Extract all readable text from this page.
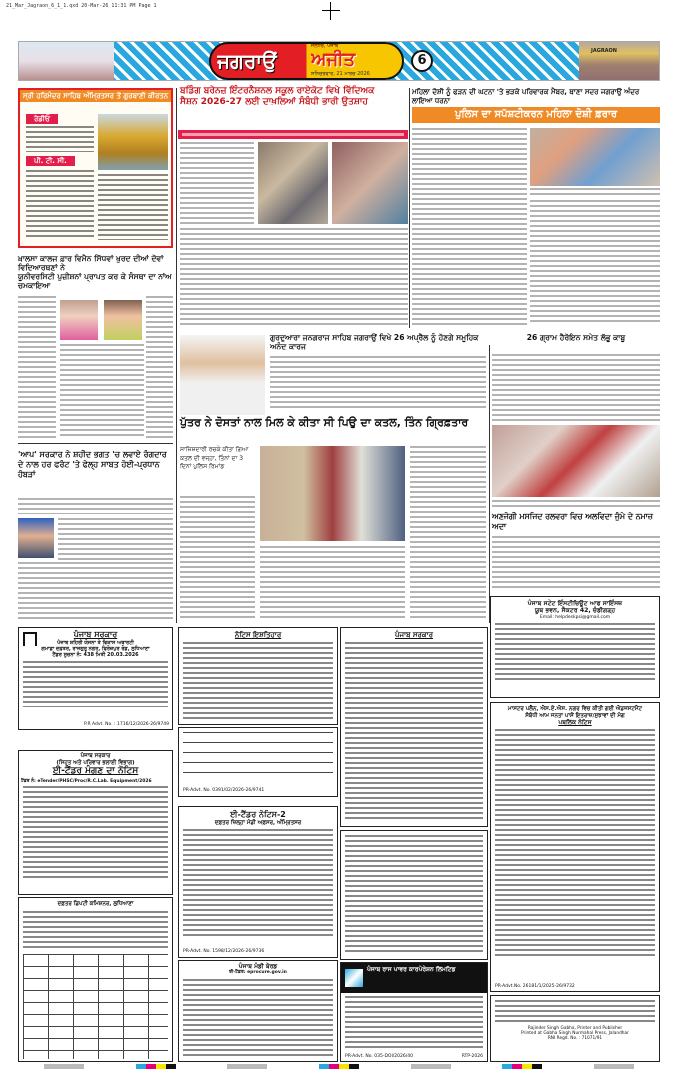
21_Mar_Jagraon_6_1_1.qxd 20-Mar-26 11:31 PM Page 1
JAGRAON
ਜਗਰਾਉਂ
ਜਲੰਧਰ, ਪੰਜਾਬ
ਅਜੀਤ
ਸ਼ਨਿਚਰਵਾਰ, 21 ਮਾਰਚ 2026
6
ਸ੍ਰੀ ਹਰਿਮੰਦਰ ਸਾਹਿਬ ਅੰਮ੍ਰਿਤਸਰ ਤੋਂ ਗੁਰਬਾਣੀ ਕੀਰਤਨ
ਰੇਡੀਓ
ਪੀ. ਟੀ. ਸੀ.
ਬਡਿੰਗ ਬਰੇਨਜ਼ ਇੰਟਰਨੈਸ਼ਨਲ ਸਕੂਲ ਰਾਏਕੋਟ ਵਿਖੇ ਵਿੱਦਿਅਕ
ਸੈਸ਼ਨ 2026-27 ਲਈ ਦਾਖ਼ਲਿਆਂ ਸੰਬੰਧੀ ਭਾਰੀ ਉਤਸ਼ਾਹ
ਮਹਿਲਾ ਦੋਸ਼ੀ ਨੂੰ ਫੜਨ ਦੀ ਘਟਨਾ 'ਤੇ ਭੜਕੇ ਪਰਿਵਾਰਕ ਮੈਂਬਰ, ਥਾਣਾ ਸਦਰ ਜਗਰਾਉਂ ਅੰਦਰ ਲਾਇਆ ਧਰਨਾ
ਪੁਲਿਸ ਦਾ ਸਪੱਸ਼ਟੀਕਰਨ ਮਹਿਲਾ ਦੋਸ਼ੀ ਫ਼ਰਾਰ
ਖ਼ਾਲਸਾ ਕਾਲਜ ਫ਼ਾਰ ਵਿਮੈਨ ਸਿੱਧਵਾਂ ਖੁਰਦ ਦੀਆਂ ਦੋਵਾਂ ਵਿਦਿਆਰਥਣਾਂ ਨੇ
ਯੂਨੀਵਰਸਿਟੀ ਪੁਜ਼ੀਸ਼ਨਾਂ ਪ੍ਰਾਪਤ ਕਰ ਕੇ ਸੰਸਥਾ ਦਾ ਨਾਂਅ ਚਮਕਾਇਆ
'ਆਪ' ਸਰਕਾਰ ਨੇ ਸ਼ਹੀਦ ਭਗਤ 'ਚ ਲਵਾਏ ਰੰਗਦਾਰ
ਦੇ ਨਾਲ ਹਰ ਫਰੰਟ 'ਤੇ ਫੇਲ੍ਹ ਸਾਬਤ ਹੋਈ-ਪ੍ਰਧਾਨ ਹੰਬੜਾਂ
ਗੁਰਦੁਆਰਾ ਜਨਗਰਾਜ ਸਾਹਿਬ ਜਗਰਾਉਂ ਵਿਖੇ 26 ਅਪ੍ਰੈਲ ਨੂੰ ਹੋਣਗੇ ਸਮੂਹਿਕ ਅਨੰਦ ਕਾਰਜ
26 ਗ੍ਰਾਮ ਹੈਰੋਇਨ ਸਮੇਤ ਲੱਭੂ ਕਾਬੂ
ਪੁੱਤਰ ਨੇ ਦੋਸਤਾਂ ਨਾਲ ਮਿਲ ਕੇ ਕੀਤਾ ਸੀ ਪਿਉ ਦਾ ਕਤਲ, ਤਿੰਨ ਗ੍ਰਿਫ਼ਤਾਰ
ਸਾਜ਼ਿਸ਼ਦਾਰੀ ਰਚਕੇ ਕੀਤਾ ਗਿਆ ਕਤਲ ਦੀ ਵਜ੍ਹਾ, ਤਿੰਨਾਂ ਦਾ 3 ਦਿਨਾਂ ਪੁਲਿਸ ਰਿਮਾਂਡ
ਅਣਜੋਗੀ ਮਸਜਿਦ ਰਲਵਰਾ ਵਿਚ ਅਲਵਿਦਾ ਜੁੰਮੇ ਦੇ ਨਮਾਜ਼ ਅਦਾ
ਪੰਜਾਬ ਸਰਕਾਰ
ਪੰਜਾਬ ਸ਼ਹਿਰੀ ਯੋਜਨਾ ਤੇ ਵਿਕਾਸ ਅਥਾਰਟੀ
ਗਮਾਡਾ ਦਫ਼ਤਰ, ਰਾਜਗੁਰੂ ਨਗਰ, ਫਿਰੋਜ਼ਪੁਰ ਰੋਡ, ਲੁਧਿਆਣਾ
ਟੈਂਡਰ ਸੂਚਨਾ ਨੰ: 438 ਮਿਤੀ 20.03.2026
P.R Advt. No. : 1716/12/2026-26/9749
ਪੰਜਾਬ ਸਰਕਾਰ
(ਸਿਹਤ ਅਤੇ ਪਰਿਵਾਰ ਭਲਾਈ ਵਿਭਾਗ)
ਈ-ਟੈਂਡਰ ਮੰਗਣ ਦਾ ਨੋਟਿਸ
ਟੈਂਡਰ ਨੰ: eTender/PHSC/Proc/R.C.Lab. Equipment/2026
ਦਫ਼ਤਰ ਡਿਪਟੀ ਕਮਿਸ਼ਨਰ, ਲੁਧਿਆਣਾ
ਨੋਟਿਸ ਇਸ਼ਤਿਹਾਰ
PR-Advt. No. 0391/02/2026-26/9741
ਈ-ਟੈਂਡਰ ਨੋਟਿਸ-2
ਦਫ਼ਤਰ ਜ਼ਿਲ੍ਹਾ ਮੰਡੀ ਅਫ਼ਸਰ, ਅੰਮ੍ਰਿਤਸਰ
PR-Advt. No. 1598/12/2026-26/9736
ਪੰਜਾਬ ਮੰਡੀ ਬੋਰਡ
ਈ-ਟੈਂਡਰ: eprocure.gov.in
ਪੰਜਾਬ ਸਰਕਾਰ
ਪੰਜਾਬ ਰਾਜ ਪਾਵਰ ਕਾਰਪੋਰੇਸ਼ਨ ਲਿਮਟਿਡ
PR-Advt. No. 035-DOI/2026/40	RTP-2026
ਪੰਜਾਬ ਸਟੇਟ ਇੰਸਟੀਚਿਊਟ ਆਫ ਸਾਇੰਸਜ਼
ਯੂਥ ਭਵਨ, ਸੈਕਟਰ 42, ਚੰਡੀਗੜ੍ਹ
Email: helpdeskpsi@gmail.com
ਮਾਸਟਰ ਪਲੈਨ, ਐਸ.ਏ.ਐਸ. ਨਗਰ ਵਿਚ ਕੀਤੀ ਗਈ ਐਡਜਸਟਮੈਂਟ
ਸੰਬੰਧੀ ਆਮ ਜਨਤਾ ਪਾਸੋਂ ਇਤਰਾਜ਼/ਸੁਝਾਵਾਂ ਦੀ ਮੰਗ
ਪਬਲਿਕ ਨੋਟਿਸ
PR-Advt.No. 26181/1/2025-26/9732
Rajinder Singh Gabha, Printer and Publisher
Printed at Gabha Singh Nurmahal Press, Jalandhar
RNI Regd. No. : 71071/91
